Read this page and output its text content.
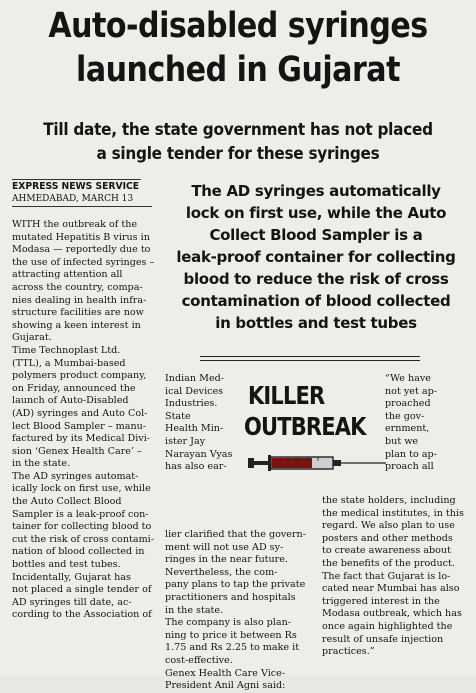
Auto-disabled syringes
launched in Gujarat
Till date, the state government has not placed
a single tender for these syringes
EXPRESS NEWS SERVICE
AHMEDABAD, MARCH 13	The AD syringes automatically
lock on first use, while the Auto
Collect Blood Sampler is a
leak-proof container for collecting
blood to reduce the risk of cross
contamination of blood collected
in bottles and test tubes
WITH the outbreak of the
mutated Hepatitis B virus in
Modasa — reportedly due to
the use of infected syringes –
attracting attention all
across the country, compa-
nies dealing in health infra-
structure facilities are now
showing a keen interest in
Gujarat.
Time Technoplast Ltd.
(TTL), a Mumbai-based
polymers product company,
on Friday, announced the
launch of Auto-Disabled
(AD) syringes and Auto Col-
lect Blood Sampler – manu-
factured by its Medical Divi-
sion ‘Genex Health Care’ –
in the state.
The AD syringes automat-
ically lock on first use, while
the Auto Collect Blood
Sampler is a leak-proof con-
tainer for collecting blood to
cut the risk of cross contami-
nation of blood collected in
bottles and test tubes.
Incidentally, Gujarat has
not placed a single tender of
AD syringes till date, ac-
cording to the Association of
Indian Med-
ical Devices
Industries.
State
Health Min-
ister Jay
Narayan Vyas
has also ear-
lier clarified that the govern-
ment will not use AD sy-
ringes in the near future.
Nevertheless, the com-
pany plans to tap the private
practitioners and hospitals
in the state.
The company is also plan-
ning to price it between Rs
1.75 and Rs 2.25 to make it
cost-effective.
Genex Health Care Vice-
President Anil Agni said:
“We have
not yet ap-
proached
the gov-
ernment,
but we
plan to ap-
proach all
the state holders, including
the medical institutes, in this
regard. We also plan to use
posters and other methods
to create awareness about
the benefits of the product.
The fact that Gujarat is lo-
cated near Mumbai has also
triggered interest in the
Modasa outbreak, which has
once again highlighted the
result of unsafe injection
practices.”
KILLER
OUTBREAK
